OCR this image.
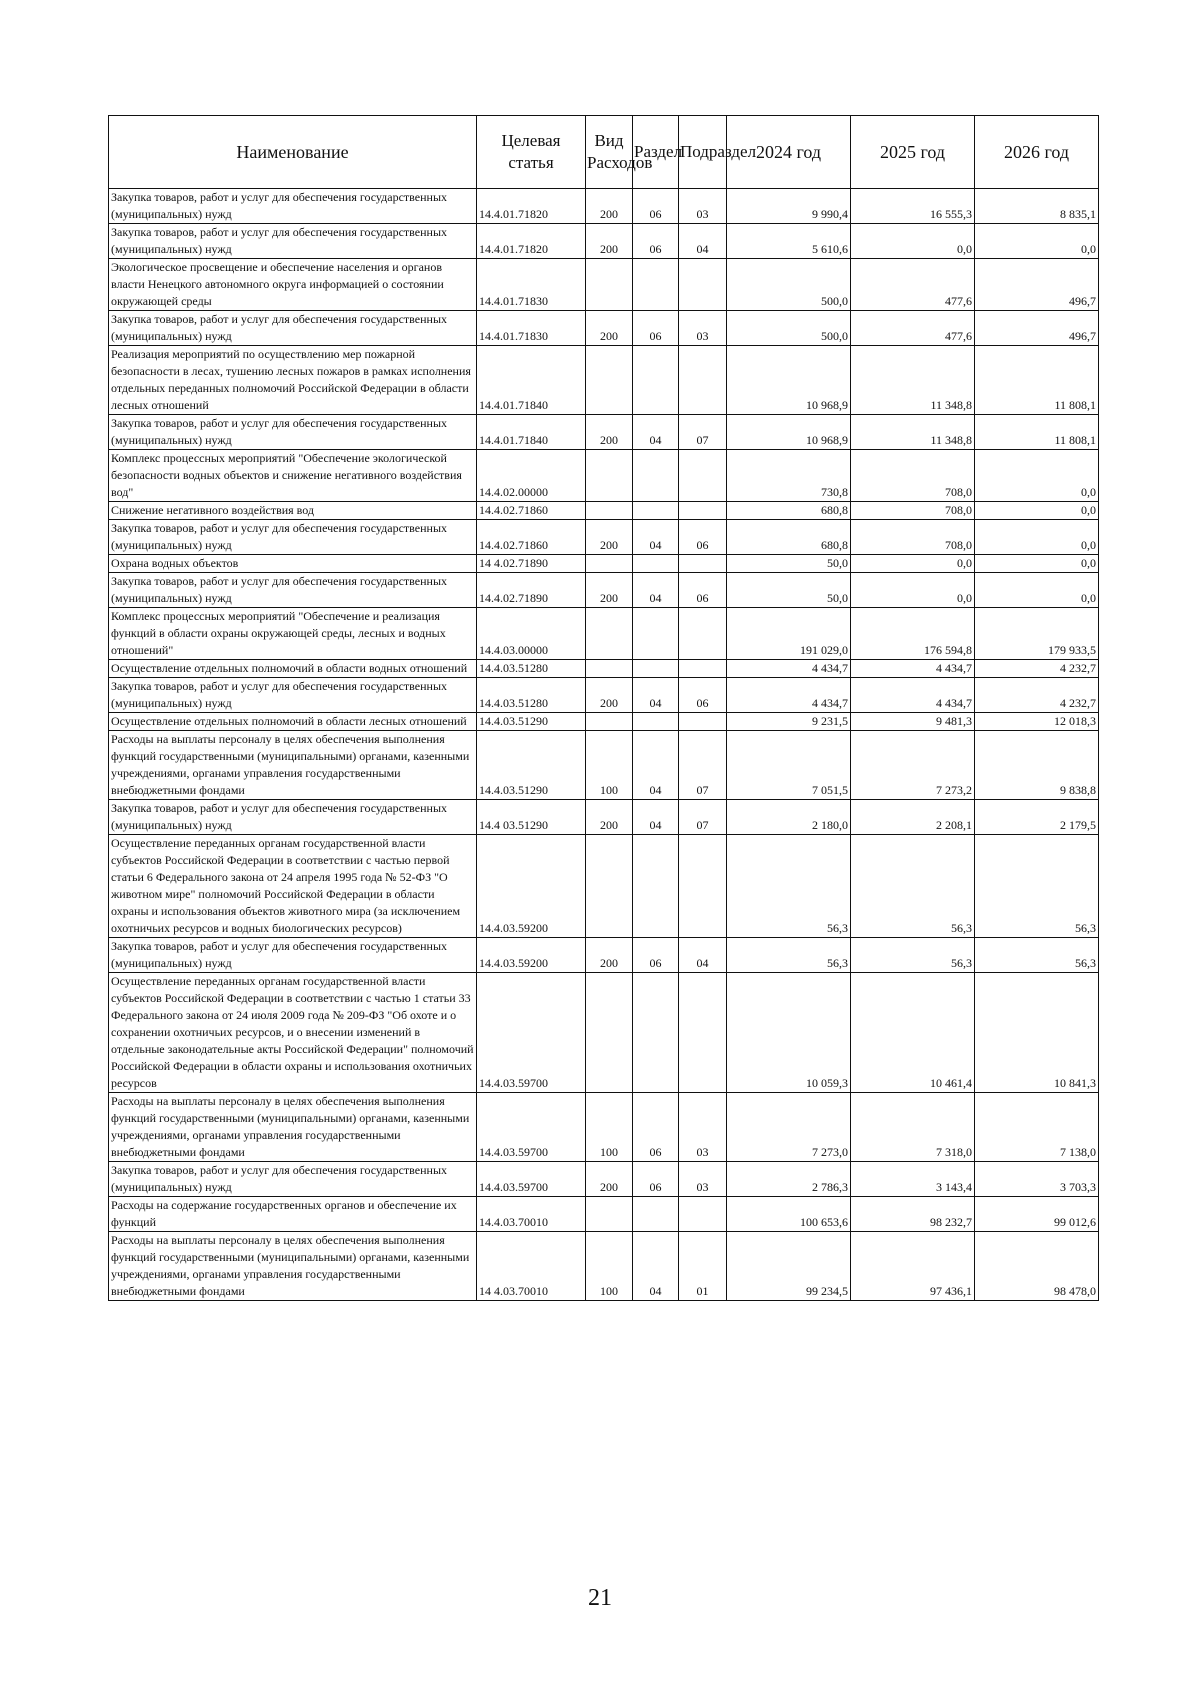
Наименование	Целевая статья	Вид Расходов	Раздел	Подраздел	2024 год	2025 год	2026 год
Закупка товаров, работ и услуг для обеспечения государственных (муниципальных) нужд	14.4.01.71820	200	06	03	9 990,4	16 555,3	8 835,1
Закупка товаров, работ и услуг для обеспечения государственных (муниципальных) нужд	14.4.01.71820	200	06	04	5 610,6	0,0	0,0
Экологическое просвещение и обеспечение населения и органов власти Ненецкого автономного округа информацией о состоянии окружающей среды	14.4.01.71830				500,0	477,6	496,7
Закупка товаров, работ и услуг для обеспечения государственных (муниципальных) нужд	14.4.01.71830	200	06	03	500,0	477,6	496,7
Реализация мероприятий по осуществлению мер пожарной безопасности в лесах, тушению лесных пожаров в рамках исполнения отдельных переданных полномочий Российской Федерации в области лесных отношений	14.4.01.71840				10 968,9	11 348,8	11 808,1
Закупка товаров, работ и услуг для обеспечения государственных (муниципальных) нужд	14.4.01.71840	200	04	07	10 968,9	11 348,8	11 808,1
Комплекс процессных мероприятий "Обеспечение экологической безопасности водных объектов и снижение негативного воздействия вод"	14.4.02.00000				730,8	708,0	0,0
Снижение негативного воздействия вод	14.4.02.71860				680,8	708,0	0,0
Закупка товаров, работ и услуг для обеспечения государственных (муниципальных) нужд	14.4.02.71860	200	04	06	680,8	708,0	0,0
Охрана водных объектов	14 4.02.71890				50,0	0,0	0,0
Закупка товаров, работ и услуг для обеспечения государственных (муниципальных) нужд	14.4.02.71890	200	04	06	50,0	0,0	0,0
Комплекс процессных мероприятий "Обеспечение и реализация функций в области охраны окружающей среды, лесных и водных отношений"	14.4.03.00000				191 029,0	176 594,8	179 933,5
Осуществление отдельных полномочий в области водных отношений	14.4.03.51280				4 434,7	4 434,7	4 232,7
Закупка товаров, работ и услуг для обеспечения государственных (муниципальных) нужд	14.4.03.51280	200	04	06	4 434,7	4 434,7	4 232,7
Осуществление отдельных полномочий в области лесных отношений	14.4.03.51290				9 231,5	9 481,3	12 018,3
Расходы на выплаты персоналу в целях обеспечения выполнения функций государственными (муниципальными) органами, казенными учреждениями, органами управления государственными внебюджетными фондами	14.4.03.51290	100	04	07	7 051,5	7 273,2	9 838,8
Закупка товаров, работ и услуг для обеспечения государственных (муниципальных) нужд	14.4 03.51290	200	04	07	2 180,0	2 208,1	2 179,5
Осуществление переданных органам государственной власти субъектов Российской Федерации в соответствии с частью первой статьи 6 Федерального закона от 24 апреля 1995 года № 52-ФЗ "О животном мире" полномочий Российской Федерации в области охраны и использования объектов животного мира (за исключением охотничьих ресурсов и водных биологических ресурсов)	14.4.03.59200				56,3	56,3	56,3
Закупка товаров, работ и услуг для обеспечения государственных (муниципальных) нужд	14.4.03.59200	200	06	04	56,3	56,3	56,3
Осуществление переданных органам государственной власти субъектов Российской Федерации в соответствии с частью 1 статьи 33 Федерального закона от 24 июля 2009 года № 209-ФЗ "Об охоте и о сохранении охотничьих ресурсов, и о внесении изменений в отдельные законодательные акты Российской Федерации" полномочий Российской Федерации в области охраны и использования охотничьих ресурсов	14.4.03.59700				10 059,3	10 461,4	10 841,3
Расходы на выплаты персоналу в целях обеспечения выполнения функций государственными (муниципальными) органами, казенными учреждениями, органами управления государственными внебюджетными фондами	14.4.03.59700	100	06	03	7 273,0	7 318,0	7 138,0
Закупка товаров, работ и услуг для обеспечения государственных (муниципальных) нужд	14.4.03.59700	200	06	03	2 786,3	3 143,4	3 703,3
Расходы на содержание государственных органов и обеспечение их функций	14.4.03.70010				100 653,6	98 232,7	99 012,6
Расходы на выплаты персоналу в целях обеспечения выполнения функций государственными (муниципальными) органами, казенными учреждениями, органами управления государственными внебюджетными фондами	14 4.03.70010	100	04	01	99 234,5	97 436,1	98 478,0
21
